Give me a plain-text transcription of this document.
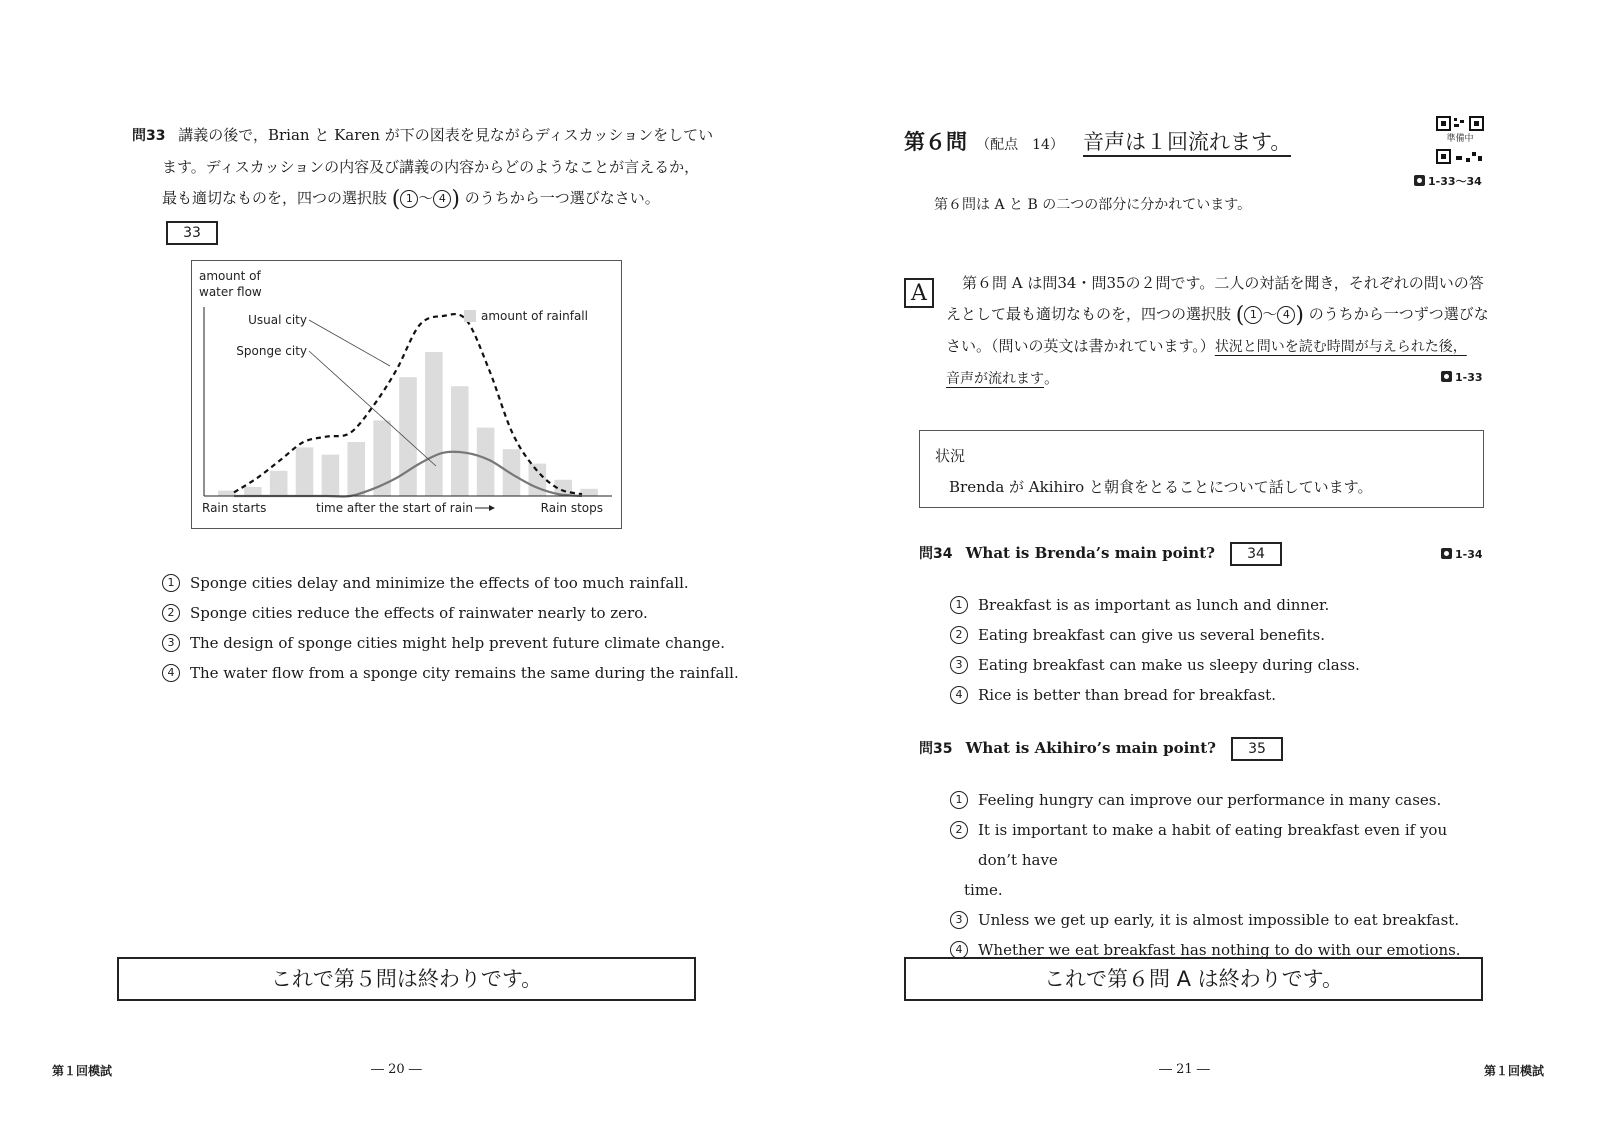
問33 講義の後で，Brian と Karen が下の図表を見ながらディスカッションをしてい
ます。ディスカッションの内容及び講義の内容からどのようなことが言えるか，
最も適切なものを，四つの選択肢 ( 1 〜 4 ) のうちから一つ選びなさい。
33
amount of
water flow
amount of rainfall
Usual city
Sponge city
Rain starts	time after the start of rain	Rain stops
1	Sponge cities delay and minimize the effects of too much rainfall.
2	Sponge cities reduce the effects of rainwater nearly to zero.
3	The design of sponge cities might help prevent future climate change.
4	The water flow from a sponge city remains the same during the rainfall.
これで第５問は終わりです。
第１回模試	― 20 ―
第６問 （配点　14） 音声は１回流れます。	準備中
1-33〜34
第６問は A と B の二つの部分に分かれています。
A	第６問 A は問34・問35の２問です。二人の対話を聞き，それぞれの問いの答
えとして最も適切なものを，四つの選択肢 ( 1 〜 4 ) のうちから一つずつ選びな
さい。（問いの英文は書かれています。）状況と問いを読む時間が与えられた後，
音声が流れます。	1-33
状況
Brenda が Akihiro と朝食をとることについて話しています。
問34 What is Brenda’s main point? 34	1-34
1	Breakfast is as important as lunch and dinner.
2	Eating breakfast can give us several benefits.
3	Eating breakfast can make us sleepy during class.
4	Rice is better than bread for breakfast.
問35 What is Akihiro’s main point? 35
1	Feeling hungry can improve our performance in many cases.
2	It is important to make a habit of eating breakfast even if you don’t have
time.
3	Unless we get up early, it is almost impossible to eat breakfast.
4	Whether we eat breakfast has nothing to do with our emotions.
これで第６問 A は終わりです。
― 21 ―	第１回模試
